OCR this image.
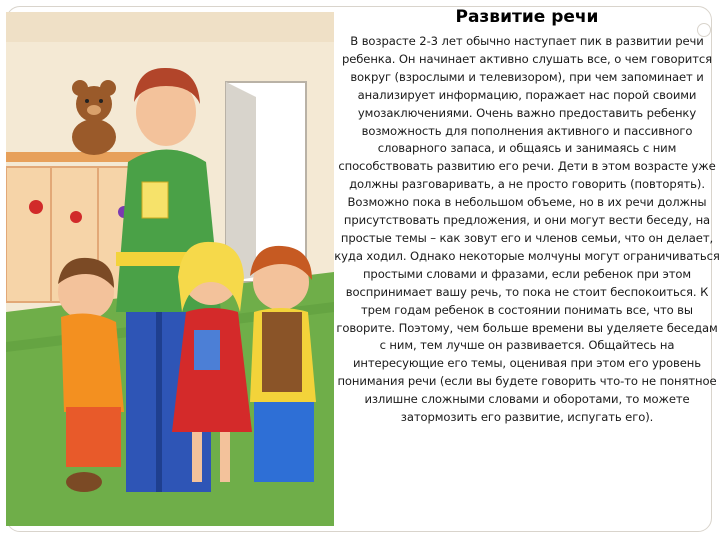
Развитие речи
В возрасте 2-3 лет обычно наступает пик в развитии речи ребенка. Он начинает активно слушать все, о чем говорится вокруг (взрослыми и телевизором), при чем запоминает и анализирует информацию, поражает нас порой своими умозаключениями. Очень важно предоставить ребенку возможность для пополнения активного и пассивного словарного запаса, и общаясь и занимаясь с ним способствовать развитию его речи. Дети в этом возрасте уже должны разговаривать, а не просто говорить (повторять). Возможно пока в небольшом объеме, но в их речи должны присутствовать предложения, и они могут вести беседу, на простые темы – как зовут его и членов семьи, что он делает, куда ходил. Однако некоторые молчуны могут ограничиваться простыми словами и фразами, если ребенок при этом воспринимает вашу речь, то пока не стоит беспокоиться. К трем годам ребенок в состоянии понимать все, что вы говорите. Поэтому, чем больше времени вы уделяете беседам с ним, тем лучше он развивается. Общайтесь на интересующие его темы, оценивая при этом его уровень понимания речи (если вы будете говорить что-то не понятное излишне сложными словами и оборотами, то можете затормозить его развитие, испугать его).
